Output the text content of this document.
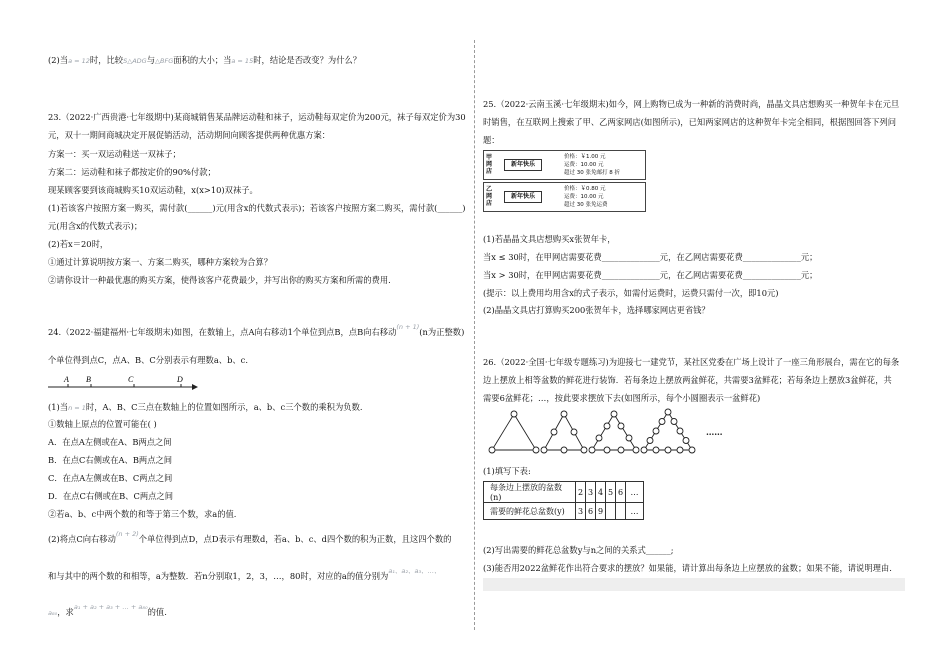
(2)当a = 12时，比较S△ADG与△BFG面积的大小；当a = 15时，结论是否改变？为什么？
23.（2022·广西贵港·七年级期中)某商城销售某品牌运动鞋和袜子，运动鞋每双定价为200元，袜子每双定价为30
元，双十一期间商城决定开展促销活动，活动期间向顾客提供两种优惠方案：
方案一：买一双运动鞋送一双袜子；
方案二：运动鞋和袜子都按定价的90%付款；
现某顾客要到该商城购买10双运动鞋，x(x>10)双袜子。
(1)若该客户按照方案一购买，需付款(______)元(用含x的代数式表示)；若该客户按照方案二购买，需付款(______)
元(用含x的代数式表示)；
(2)若x＝20时，
①通过计算说明按方案一、方案二购买，哪种方案较为合算？
②请你设计一种最优惠的购买方案，使得该客户花费最少，并写出你的购买方案和所需的费用.
24.（2022·福建福州·七年级期末)如图，在数轴上，点A向右移动1个单位到点B，点B向右移动$^{(n + 1)}$(n为正整数)
个单位得到点C，点A、B、C分别表示有理数a、b、c.
A B	C	D
(1)当n = 1时，A、B、C三点在数轴上的位置如图所示，a、b、c三个数的乘积为负数.
①数轴上原点的位置可能在( )
A．在点A左侧或在A、B两点之间
B．在点C右侧或在A、B两点之间
C．在点A左侧或在B、C两点之间
D．在点C右侧或在B、C两点之间
②若a、b、c中两个数的和等于第三个数，求a的值.
(2)将点C向右移动$^{(n + 2)}$个单位得到点D，点D表示有理数d，若a、b、c、d四个数的积为正数，且这四个数的
和与其中的两个数的和相等，a为整数．若n分别取1，2，3，…，80时，对应的a的值分别为$^{a_1、a_2、a_3、\dots、}$
a₈₀，求$^{a_1 + a_2 + a_3 + \dots + a_{80}}$的值.
25.（2022·云南玉溪·七年级期末)如今，网上购物已成为一种新的消费时尚，晶晶文具店想购买一种贺年卡在元旦
时销售，在互联网上搜索了甲、乙两家网店(如图所示)，已知两家网店的这种贺年卡完全相同，根据图回答下列问
题：
甲网店
新年快乐
价格：￥1.00 元
运费：10.00 元
超过 30 张免邮打 8 折
乙网店
新年快乐
价格：￥0.80 元
运费：10.00 元
超过 30 张免运费
(1)若晶晶文具店想购买x张贺年卡，
当x ≤ 30时，在甲网店需要花费______________元，在乙网店需要花费______________元；
当x > 30时，在甲网店需要花费______________元，在乙网店需要花费______________元；
(提示：以上费用均用含x的式子表示，如需付运费时，运费只需付一次，即10元)
(2)晶晶文具店打算购买200张贺年卡，选择哪家网店更省钱？
26.（2022·全国·七年级专题练习)为迎接七一建党节，某社区党委在广场上设计了一座三角形展台，需在它的每条
边上摆放上相等盆数的鲜花进行装饰．若每条边上摆放两盆鲜花，共需要3盆鲜花；若每条边上摆放3盆鲜花，共
需要6盆鲜花；…，按此要求摆放下去(如图所示，每个小圆圈表示一盆鲜花)
……
(1)填写下表:
每条边上摆放的盆数(n)	2	3	4	5	6	…
需要的鲜花总盆数(y)	3	6	9			…
(2)写出需要的鲜花总盆数y与n之间的关系式______;
(3)能否用2022盆鲜花作出符合要求的摆放？如果能，请计算出每条边上应摆放的盆数；如果不能，请说明理由.
